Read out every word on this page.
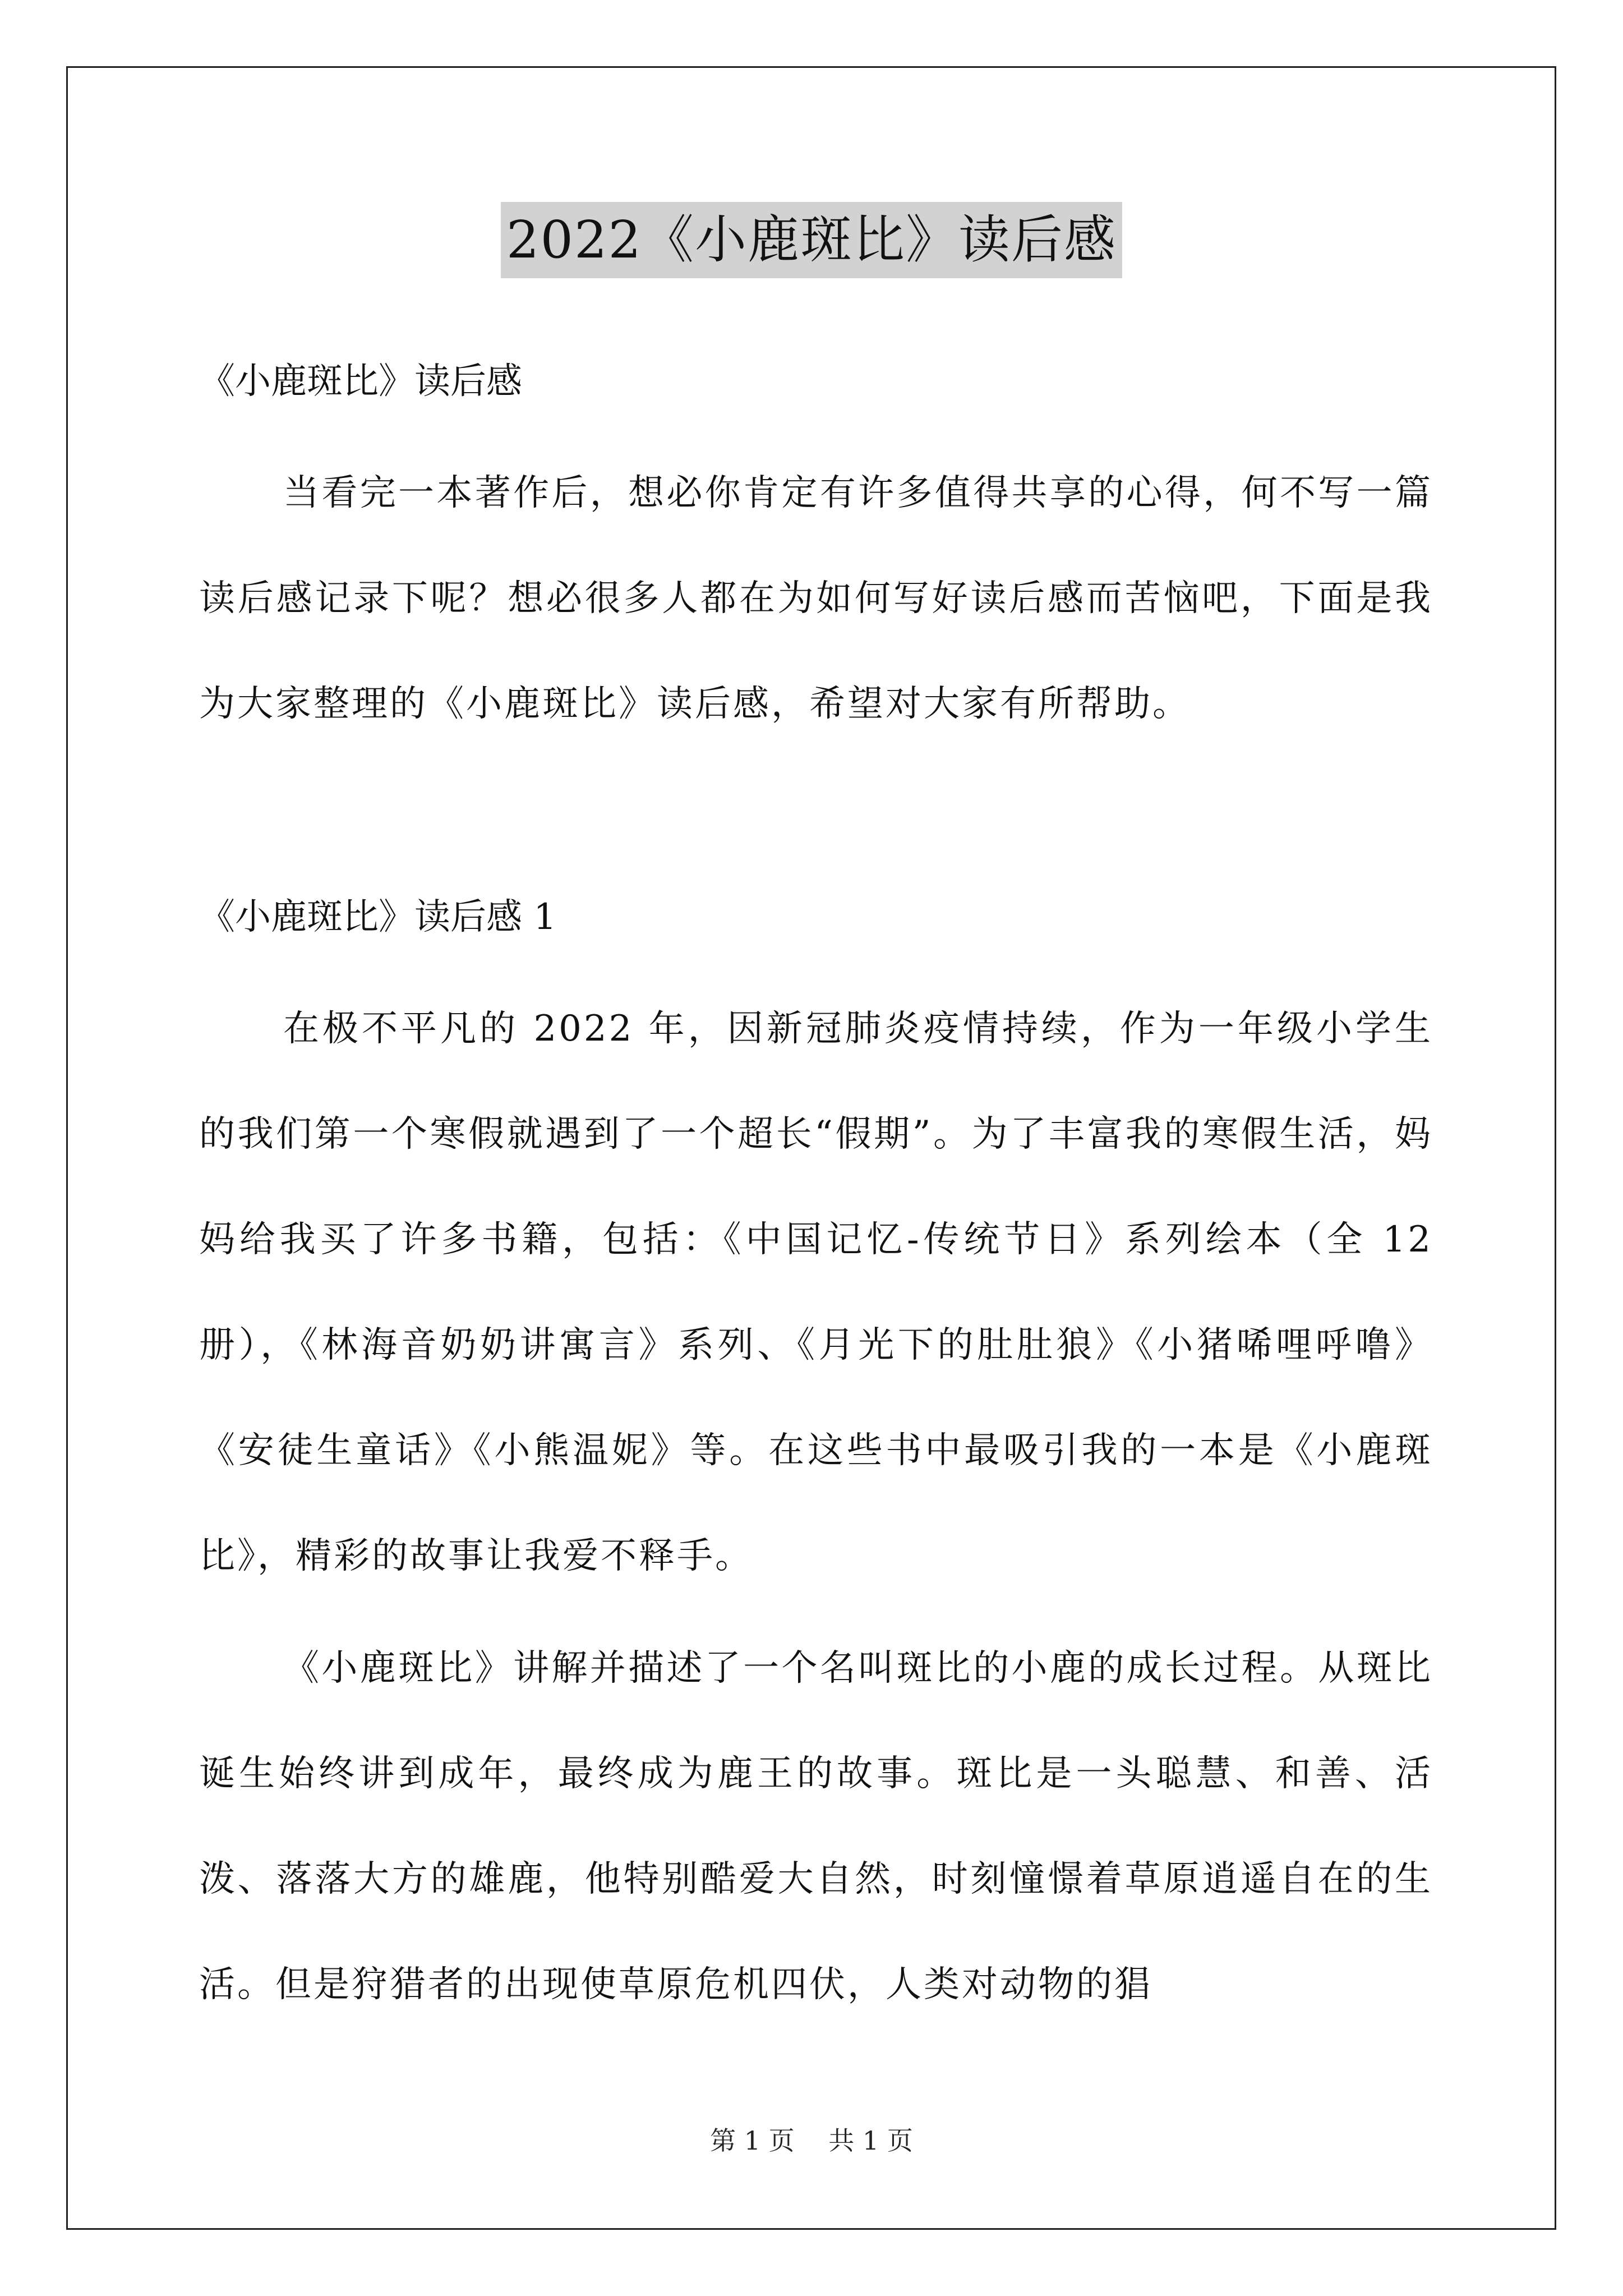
2022《小鹿斑比》读后感
《小鹿斑比》读后感

当看完一本著作后，想必你肯定有许多值得共享的心得，何不写一篇读后感记录下呢？想必很多人都在为如何写好读后感而苦恼吧，下面是我为大家整理的《小鹿斑比》读后感，希望对大家有所帮助。

《小鹿斑比》读后感 1

在极不平凡的 2022 年，因新冠肺炎疫情持续，作为一年级小学生的我们第一个寒假就遇到了一个超长“假期”。为了丰富我的寒假生活，妈妈给我买了许多书籍，包括：《中国记忆-传统节日》系列绘本（全 12 册），《林海音奶奶讲寓言》系列、《月光下的肚肚狼》《小猪唏哩呼噜》《安徒生童话》《小熊温妮》等。在这些书中最吸引我的一本是《小鹿斑比》，精彩的故事让我爱不释手。

《小鹿斑比》讲解并描述了一个名叫斑比的小鹿的成长过程。从斑比诞生始终讲到成年，最终成为鹿王的故事。斑比是一头聪慧、和善、活泼、落落大方的雄鹿，他特别酷爱大自然，时刻憧憬着草原逍遥自在的生活。但是狩猎者的出现使草原危机四伏，人类对动物的猖

第 1 页　 共 1 页
